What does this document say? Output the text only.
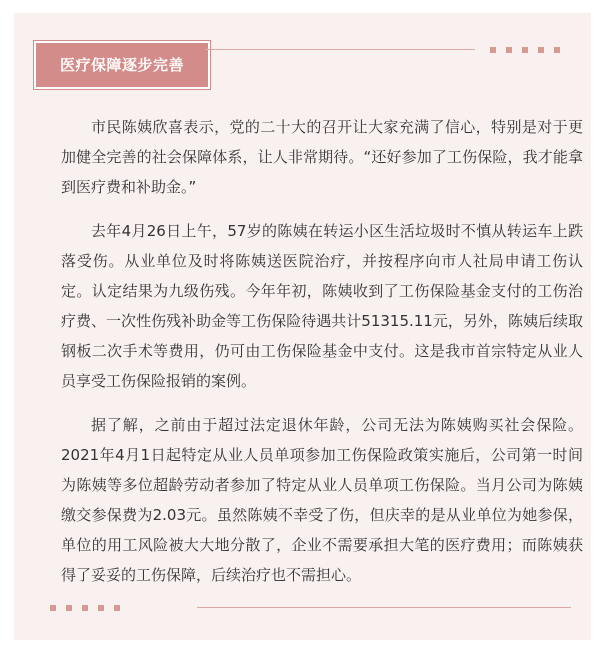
医疗保障逐步完善

市民陈姨欣喜表示，党的二十大的召开让大家充满了信心，特别是对于更加健全完善的社会保障体系，让人非常期待。“还好参加了工伤保险，我才能拿到医疗费和补助金。”

去年4月26日上午，57岁的陈姨在转运小区生活垃圾时不慎从转运车上跌落受伤。从业单位及时将陈姨送医院治疗，并按程序向市人社局申请工伤认定。认定结果为九级伤残。今年年初，陈姨收到了工伤保险基金支付的工伤治疗费、一次性伤残补助金等工伤保险待遇共计51315.11元，另外，陈姨后续取钢板二次手术等费用，仍可由工伤保险基金中支付。这是我市首宗特定从业人员享受工伤保险报销的案例。

据了解，之前由于超过法定退休年龄，公司无法为陈姨购买社会保险。2021年4月1日起特定从业人员单项参加工伤保险政策实施后，公司第一时间为陈姨等多位超龄劳动者参加了特定从业人员单项工伤保险。当月公司为陈姨缴交参保费为2.03元。虽然陈姨不幸受了伤，但庆幸的是从业单位为她参保，单位的用工风险被大大地分散了，企业不需要承担大笔的医疗费用；而陈姨获得了妥妥的工伤保障，后续治疗也不需担心。
